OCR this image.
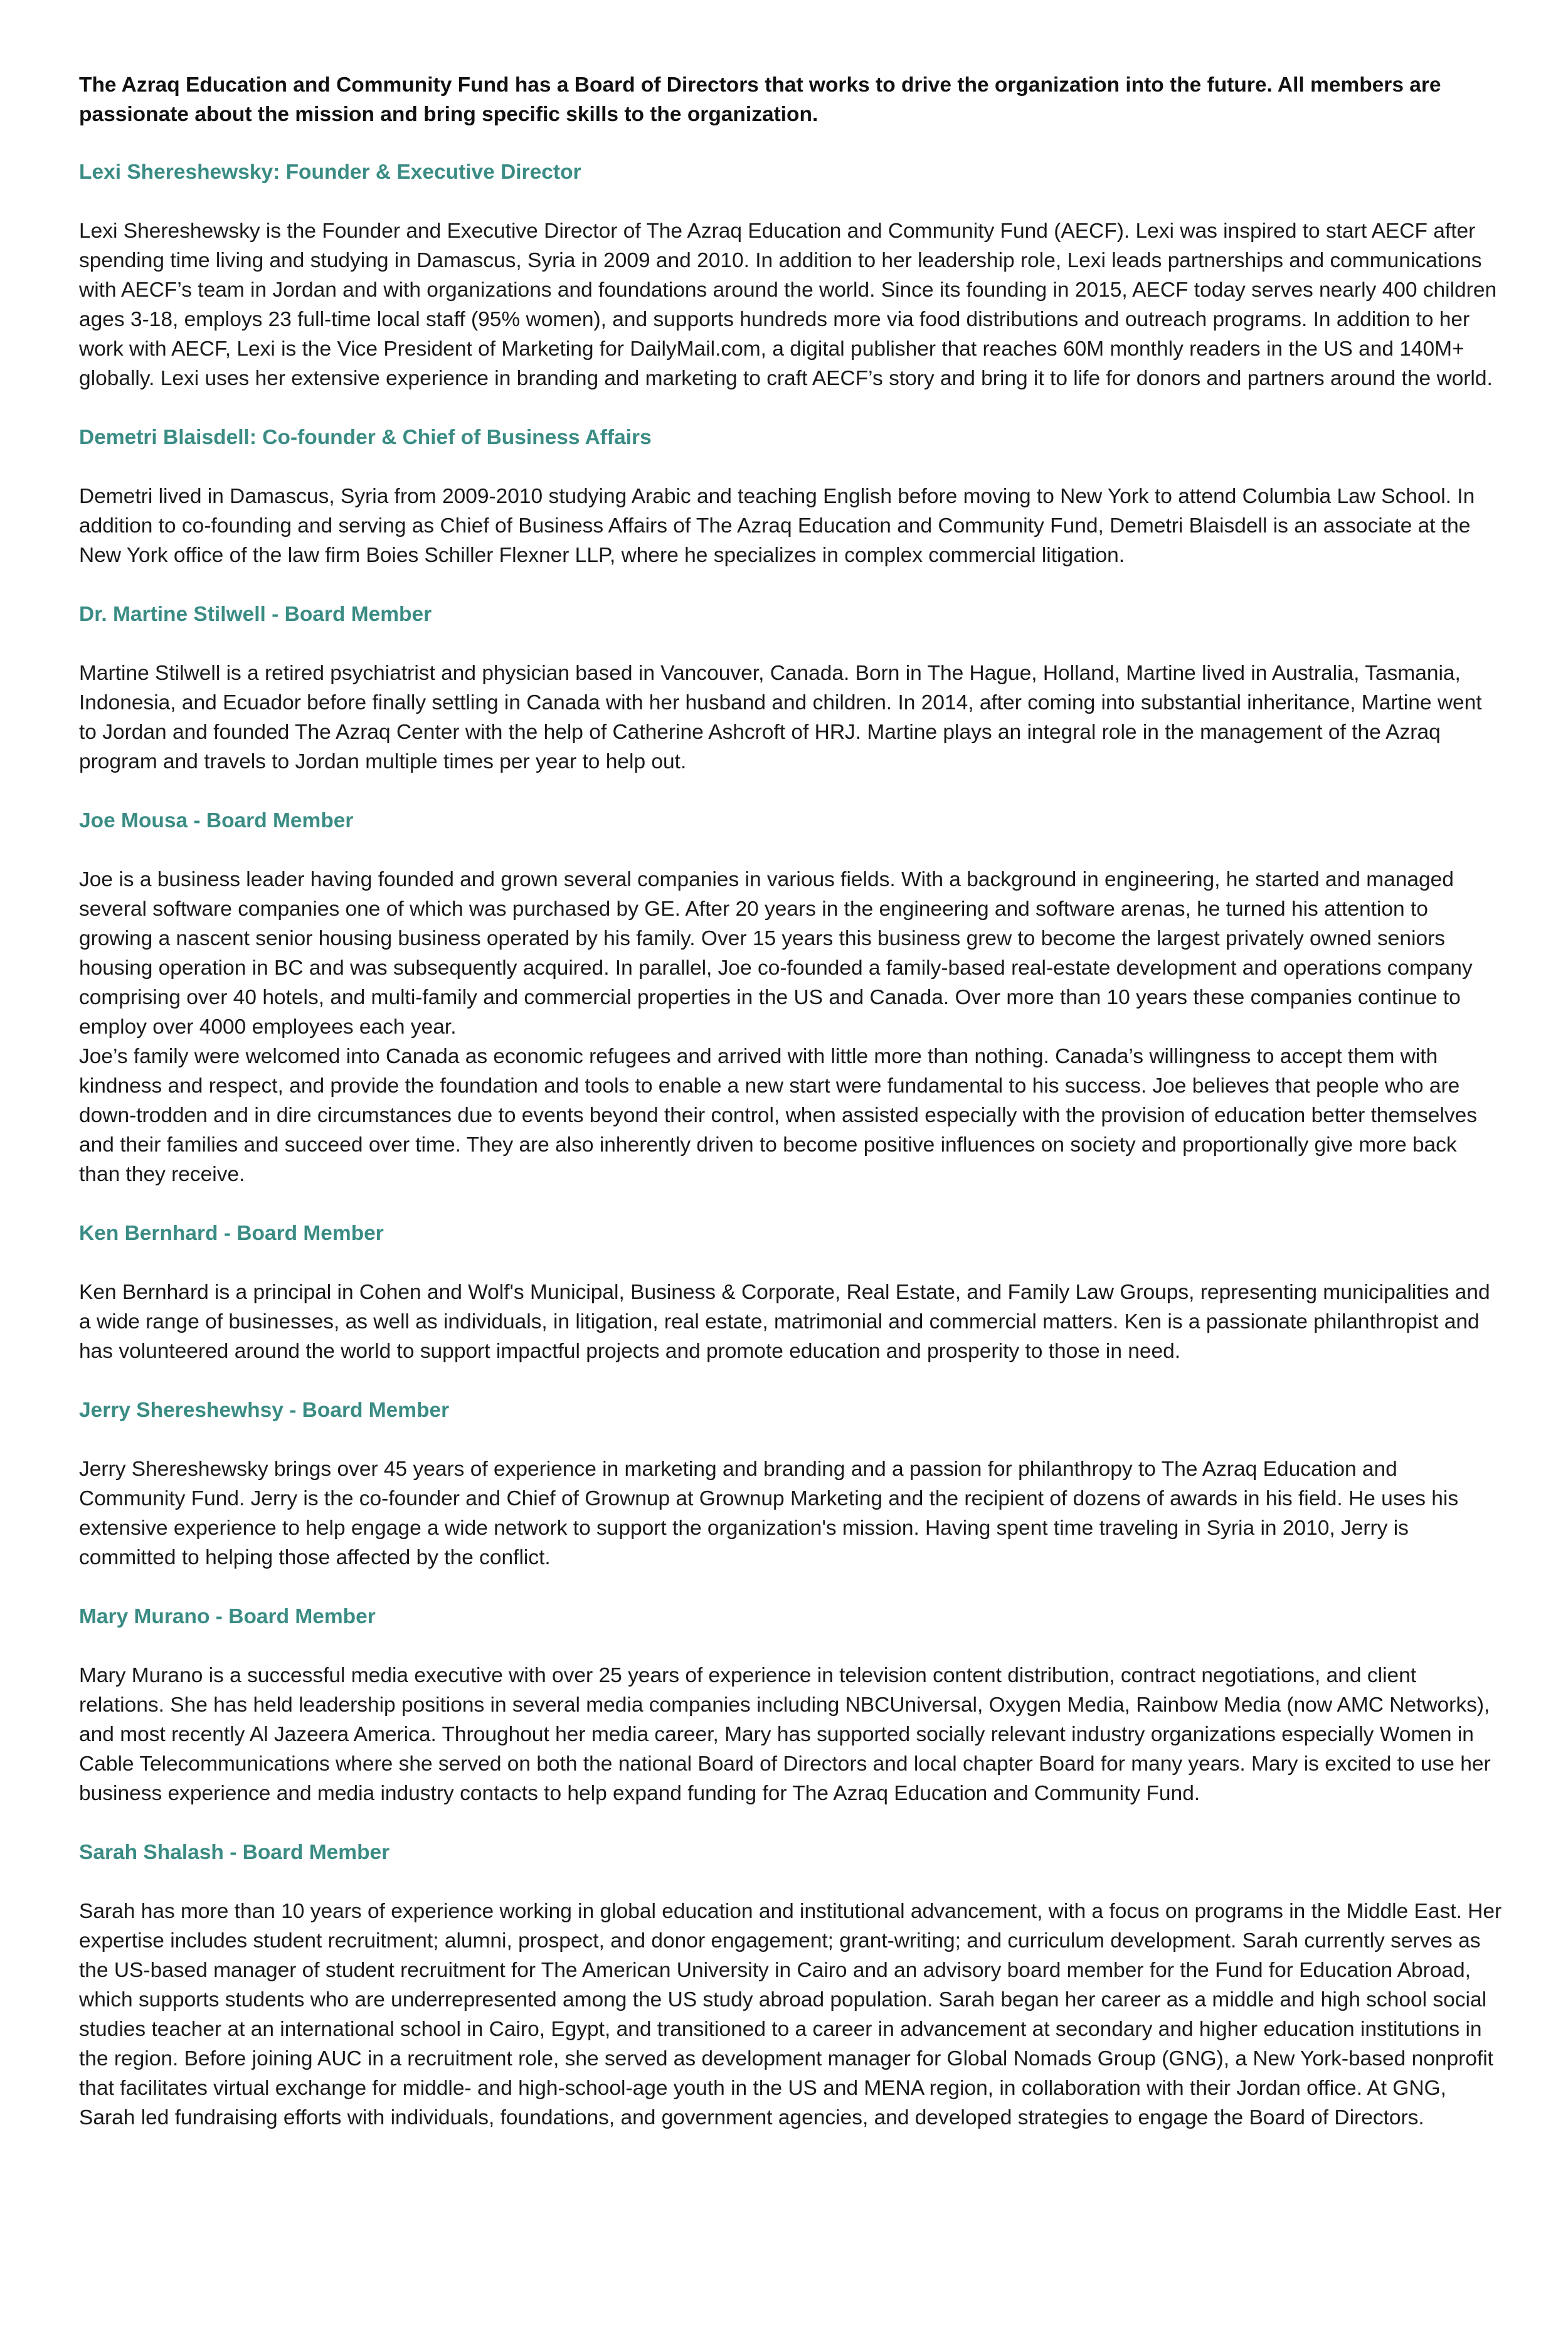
The Azraq Education and Community Fund has a Board of Directors that works to drive the organization into the future. All members are passionate about the mission and bring specific skills to the organization.

Lexi Shereshewsky: Founder & Executive Director

Lexi Shereshewsky is the Founder and Executive Director of The Azraq Education and Community Fund (AECF). Lexi was inspired to start AECF after spending time living and studying in Damascus, Syria in 2009 and 2010. In addition to her leadership role, Lexi leads partnerships and communications with AECF’s team in Jordan and with organizations and foundations around the world. Since its founding in 2015, AECF today serves nearly 400 children ages 3-18, employs 23 full-time local staff (95% women), and supports hundreds more via food distributions and outreach programs. In addition to her work with AECF, Lexi is the Vice President of Marketing for DailyMail.com, a digital publisher that reaches 60M monthly readers in the US and 140M+ globally. Lexi uses her extensive experience in branding and marketing to craft AECF’s story and bring it to life for donors and partners around the world.

Demetri Blaisdell: Co-founder & Chief of Business Affairs

Demetri lived in Damascus, Syria from 2009-2010 studying Arabic and teaching English before moving to New York to attend Columbia Law School. In addition to co-founding and serving as Chief of Business Affairs of The Azraq Education and Community Fund, Demetri Blaisdell is an associate at the New York office of the law firm Boies Schiller Flexner LLP, where he specializes in complex commercial litigation.

Dr. Martine Stilwell - Board Member

Martine Stilwell is a retired psychiatrist and physician based in Vancouver, Canada. Born in The Hague, Holland, Martine lived in Australia, Tasmania, Indonesia, and Ecuador before finally settling in Canada with her husband and children. In 2014, after coming into substantial inheritance, Martine went to Jordan and founded The Azraq Center with the help of Catherine Ashcroft of HRJ. Martine plays an integral role in the management of the Azraq program and travels to Jordan multiple times per year to help out.

Joe Mousa - Board Member

Joe is a business leader having founded and grown several companies in various fields. With a background in engineering, he started and managed several software companies one of which was purchased by GE. After 20 years in the engineering and software arenas, he turned his attention to growing a nascent senior housing business operated by his family. Over 15 years this business grew to become the largest privately owned seniors housing operation in BC and was subsequently acquired. In parallel, Joe co-founded a family-based real-estate development and operations company comprising over 40 hotels, and multi-family and commercial properties in the US and Canada. Over more than 10 years these companies continue to employ over 4000 employees each year.

Joe’s family were welcomed into Canada as economic refugees and arrived with little more than nothing. Canada’s willingness to accept them with kindness and respect, and provide the foundation and tools to enable a new start were fundamental to his success. Joe believes that people who are down-trodden and in dire circumstances due to events beyond their control, when assisted especially with the provision of education better themselves and their families and succeed over time. They are also inherently driven to become positive influences on society and proportionally give more back than they receive.

Ken Bernhard - Board Member

Ken Bernhard is a principal in Cohen and Wolf's Municipal, Business & Corporate, Real Estate, and Family Law Groups, representing municipalities and a wide range of businesses, as well as individuals, in litigation, real estate, matrimonial and commercial matters. Ken is a passionate philanthropist and has volunteered around the world to support impactful projects and promote education and prosperity to those in need.

Jerry Shereshewhsy - Board Member

Jerry Shereshewsky brings over 45 years of experience in marketing and branding and a passion for philanthropy to The Azraq Education and Community Fund. Jerry is the co-founder and Chief of Grownup at Grownup Marketing and the recipient of dozens of awards in his field. He uses his extensive experience to help engage a wide network to support the organization's mission. Having spent time traveling in Syria in 2010, Jerry is committed to helping those affected by the conflict.

Mary Murano - Board Member

Mary Murano is a successful media executive with over 25 years of experience in television content distribution, contract negotiations, and client relations. She has held leadership positions in several media companies including NBCUniversal, Oxygen Media, Rainbow Media (now AMC Networks), and most recently Al Jazeera America. Throughout her media career, Mary has supported socially relevant industry organizations especially Women in Cable Telecommunications where she served on both the national Board of Directors and local chapter Board for many years. Mary is excited to use her business experience and media industry contacts to help expand funding for The Azraq Education and Community Fund.

Sarah Shalash - Board Member

Sarah has more than 10 years of experience working in global education and institutional advancement, with a focus on programs in the Middle East. Her expertise includes student recruitment; alumni, prospect, and donor engagement; grant-writing; and curriculum development. Sarah currently serves as the US-based manager of student recruitment for The American University in Cairo and an advisory board member for the Fund for Education Abroad, which supports students who are underrepresented among the US study abroad population. Sarah began her career as a middle and high school social studies teacher at an international school in Cairo, Egypt, and transitioned to a career in advancement at secondary and higher education institutions in the region. Before joining AUC in a recruitment role, she served as development manager for Global Nomads Group (GNG), a New York-based nonprofit that facilitates virtual exchange for middle- and high-school-age youth in the US and MENA region, in collaboration with their Jordan office. At GNG, Sarah led fundraising efforts with individuals, foundations, and government agencies, and developed strategies to engage the Board of Directors.
